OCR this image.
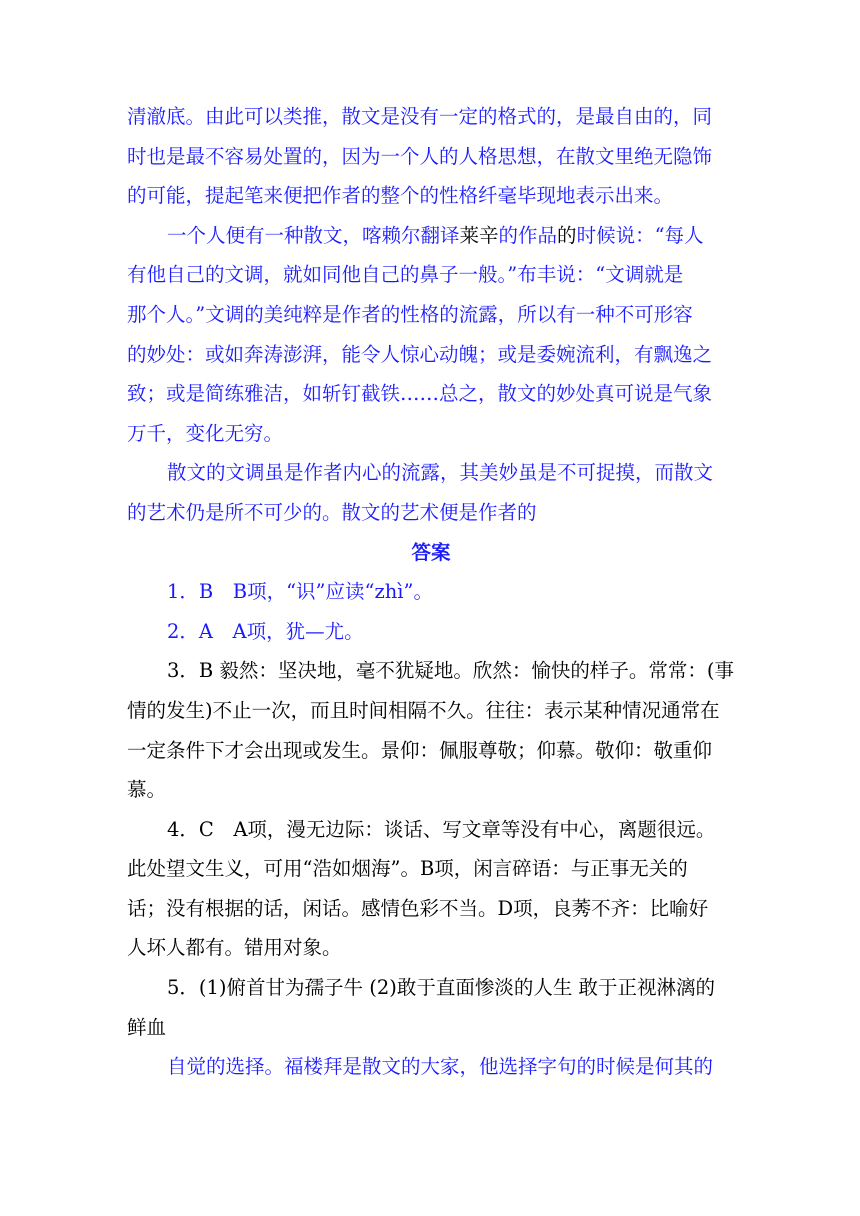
清澈底。由此可以类推，散文是没有一定的格式的，是最自由的，同
时也是最不容易处置的，因为一个人的人格思想，在散文里绝无隐饰
的可能，提起笔来便把作者的整个的性格纤毫毕现地表示出来。
一个人便有一种散文，喀赖尔翻译莱辛的作品的时候说：“每人
有他自己的文调，就如同他自己的鼻子一般。”布丰说：“文调就是
那个人。”文调的美纯粹是作者的性格的流露，所以有一种不可形容
的妙处：或如奔涛澎湃，能令人惊心动魄；或是委婉流利，有飘逸之
致；或是简练雅洁，如斩钉截铁……总之，散文的妙处真可说是气象
万千，变化无穷。
散文的文调虽是作者内心的流露，其美妙虽是不可捉摸，而散文
的艺术仍是所不可少的。散文的艺术便是作者的
答案
1．B　B项，“识”应读“zhì”。
2．A　A项，犹—尤。
3．B 毅然：坚决地，毫不犹疑地。欣然：愉快的样子。常常：(事
情的发生)不止一次，而且时间相隔不久。往往：表示某种情况通常在
一定条件下才会出现或发生。景仰：佩服尊敬；仰慕。敬仰：敬重仰
慕。
4．C　A项，漫无边际：谈话、写文章等没有中心，离题很远。
此处望文生义，可用“浩如烟海”。B项，闲言碎语：与正事无关的
话；没有根据的话，闲话。感情色彩不当。D项，良莠不齐：比喻好
人坏人都有。错用对象。
5．(1)俯首甘为孺子牛 (2)敢于直面惨淡的人生 敢于正视淋漓的
鲜血
自觉的选择。福楼拜是散文的大家，他选择字句的时候是何其的
